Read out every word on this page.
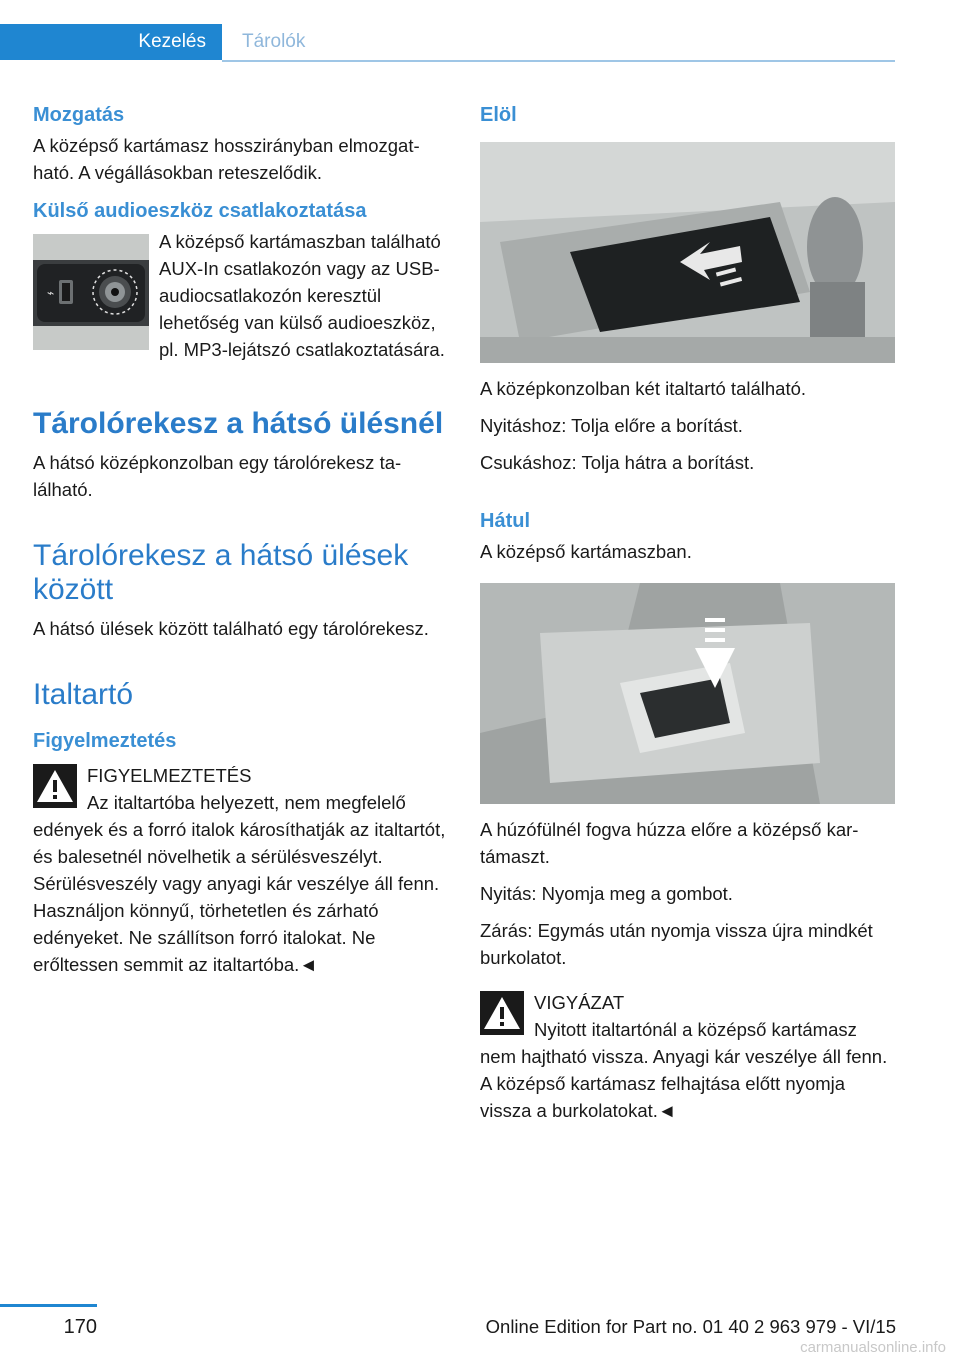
Kezelés	Tárolók
Mozgatás

A középső kartámasz hosszirányban elmozgatható. A végállásokban reteszelődik.

Külső audioeszköz csatlakoztatása
⌁

A középső kartámaszban található AUX-In csatlakozón vagy az USB-audiocsatlakozón keresztül lehetőség van külső audioeszköz, pl. MP3-lejátszó csatlakoztatására.

Tárolórekesz a hátsó ülésnél

A hátsó középkonzolban egy tárolórekesz található.

Tárolórekesz a hátsó ülések között

A hátsó ülések között található egy tárolórekesz.

Italtartó
Figyelmeztetés
FIGYELMEZTETÉS

Az italtartóba helyezett, nem megfelelő edények és a forró italok károsíthatják az italtartót, és balesetnél növelhetik a sérülésveszélyt. Sérülésveszély vagy anyagi kár veszélye áll fenn. Használjon könnyű, törhetetlen és zárható edényeket. Ne szállítson forró italokat. Ne erőltessen semmit az italtartóba.◄

Elöl

A középkonzolban két italtartó található.

Nyitáshoz: Tolja előre a borítást.

Csukáshoz: Tolja hátra a borítást.

Hátul

A középső kartámaszban.

A húzófülnél fogva húzza előre a középső kartámaszt.

Nyitás: Nyomja meg a gombot.

Zárás: Egymás után nyomja vissza újra mindkét burkolatot.

VIGYÁZAT

Nyitott italtartónál a középső kartámasz nem hajtható vissza. Anyagi kár veszélye áll fenn. A középső kartámasz felhajtása előtt nyomja vissza a burkolatokat.◄

170	Online Edition for Part no. 01 40 2 963 979 - VI/15
carmanualsonline.info
